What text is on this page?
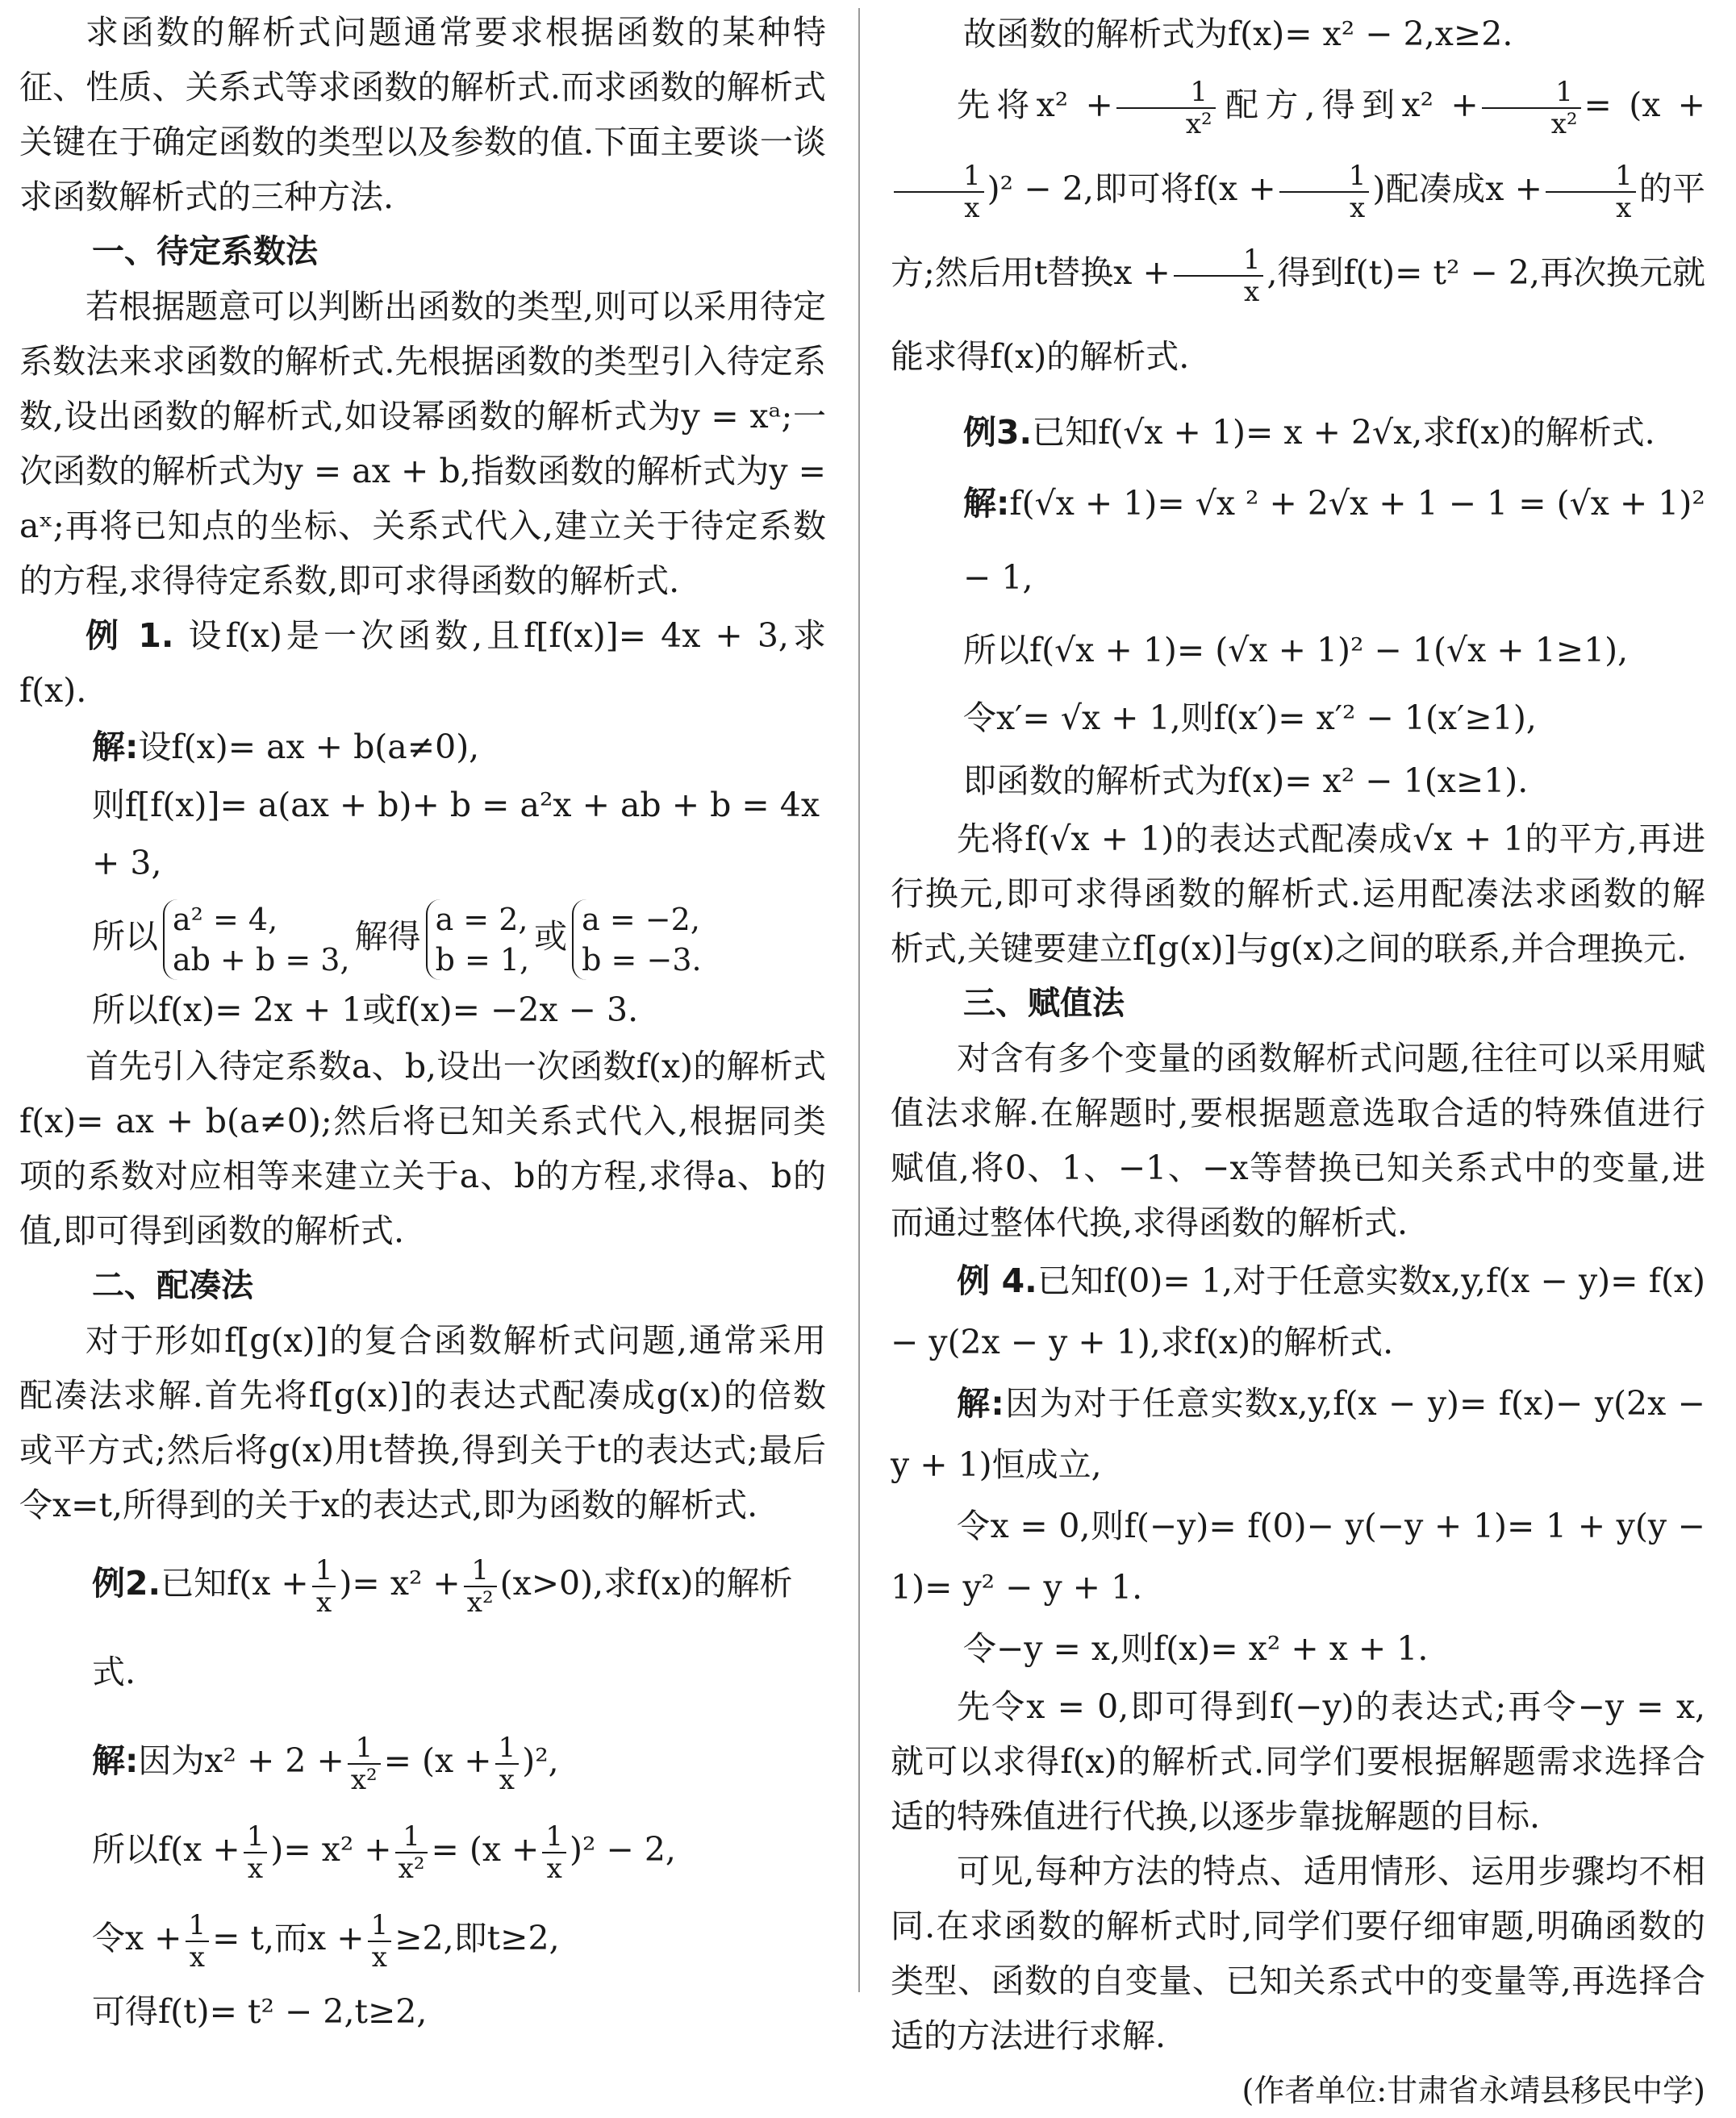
求函数的解析式问题通常要求根据函数的某种特征、性质、关系式等求函数的解析式.而求函数的解析式关键在于确定函数的类型以及参数的值.下面主要谈一谈求函数解析式的三种方法.

一、待定系数法

若根据题意可以判断出函数的类型,则可以采用待定系数法来求函数的解析式.先根据函数的类型引入待定系数,设出函数的解析式,如设幂函数的解析式为y = xᵃ;一次函数的解析式为y = ax + b,指数函数的解析式为y = aˣ;再将已知点的坐标、关系式代入,建立关于待定系数的方程,求得待定系数,即可求得函数的解析式.

例 1. 设f(x)是一次函数,且f[f(x)]= 4x + 3,求f(x).

解:设f(x)= ax + b(a≠0),

则f[f(x)]= a(ax + b)+ b = a²x + ab + b = 4x + 3,

所以 a² = 4,
ab + b = 3,解得 a = 2,
b = 1,或 a = −2,
b = −3.

所以f(x)= 2x + 1或f(x)= −2x − 3.

首先引入待定系数a、b,设出一次函数f(x)的解析式f(x)= ax + b(a≠0);然后将已知关系式代入,根据同类项的系数对应相等来建立关于a、b的方程,求得a、b的值,即可得到函数的解析式.

二、配凑法

对于形如f[g(x)]的复合函数解析式问题,通常采用配凑法求解.首先将f[g(x)]的表达式配凑成g(x)的倍数或平方式;然后将g(x)用t替换,得到关于t的表达式;最后令x=t,所得到的关于x的表达式,即为函数的解析式.

例2.已知$f(x + \frac{1}{x}$ )= $x^2 + \frac{1}{\text{x²}} (x>0)$,求f(x)的解析式.

解:因为$x^2 + 2 + \frac{1}{\text{x²}} = (x + \frac{1}{x} )^2$,

所以$f(x + \frac{1}{x}$ )= $x^2 + \frac{1}{\text{x²}} = (x + \frac{1}{x} )^2 - 2$,

令$x + \frac{1}{x} = t$,而$x + \frac{1}{x} \ge 2$,即t≥2,

可得f(t)= t² − 2,t≥2,

故函数的解析式为f(x)= x² − 2,x≥2.

先将$x^2 + \frac{1}{\text{x²}}$ 配方,得到$x^2 + \frac{1}{\text{x²}} = (x$ +
$\frac{1}{x} )^2 - 2$,即可将$f(x + \frac{1}{x}$ )配凑成$x + \frac{1}{x}$ 的平方;然后用t替换$x + \frac{1}{x}$ ,得到f(t)= t² − 2,再次换元就能求得f(x)的解析式.

例3.已知f(√x + 1)= x + 2√x,求f(x)的解析式.

解:f(√x + 1)= √x ² + 2√x + 1 − 1 = (√x + 1)² − 1,

所以f(√x + 1)= (√x + 1)² − 1(√x + 1≥1),

令x′= √x + 1,则f(x′)= x′² − 1(x′≥1),

即函数的解析式为f(x)= x² − 1(x≥1).

先将f(√x + 1)的表达式配凑成√x + 1的平方,再进行换元,即可求得函数的解析式.运用配凑法求函数的解析式,关键要建立f[g(x)]与g(x)之间的联系,并合理换元.

三、赋值法

对含有多个变量的函数解析式问题,往往可以采用赋值法求解.在解题时,要根据题意选取合适的特殊值进行赋值,将0、1、−1、−x等替换已知关系式中的变量,进而通过整体代换,求得函数的解析式.

例 4.已知f(0)= 1,对于任意实数x,y,f(x − y)= f(x)− y(2x − y + 1),求f(x)的解析式.

解:因为对于任意实数x,y,f(x − y)= f(x)− y(2x − y + 1)恒成立,

令x = 0,则f(−y)= f(0)− y(−y + 1)= 1 + y(y − 1)= y² − y + 1.

令−y = x,则f(x)= x² + x + 1.

先令x = 0,即可得到f(−y)的表达式;再令−y = x,就可以求得f(x)的解析式.同学们要根据解题需求选择合适的特殊值进行代换,以逐步靠拢解题的目标.

可见,每种方法的特点、适用情形、运用步骤均不相同.在求函数的解析式时,同学们要仔细审题,明确函数的类型、函数的自变量、已知关系式中的变量等,再选择合适的方法进行求解.

(作者单位:甘肃省永靖县移民中学)
